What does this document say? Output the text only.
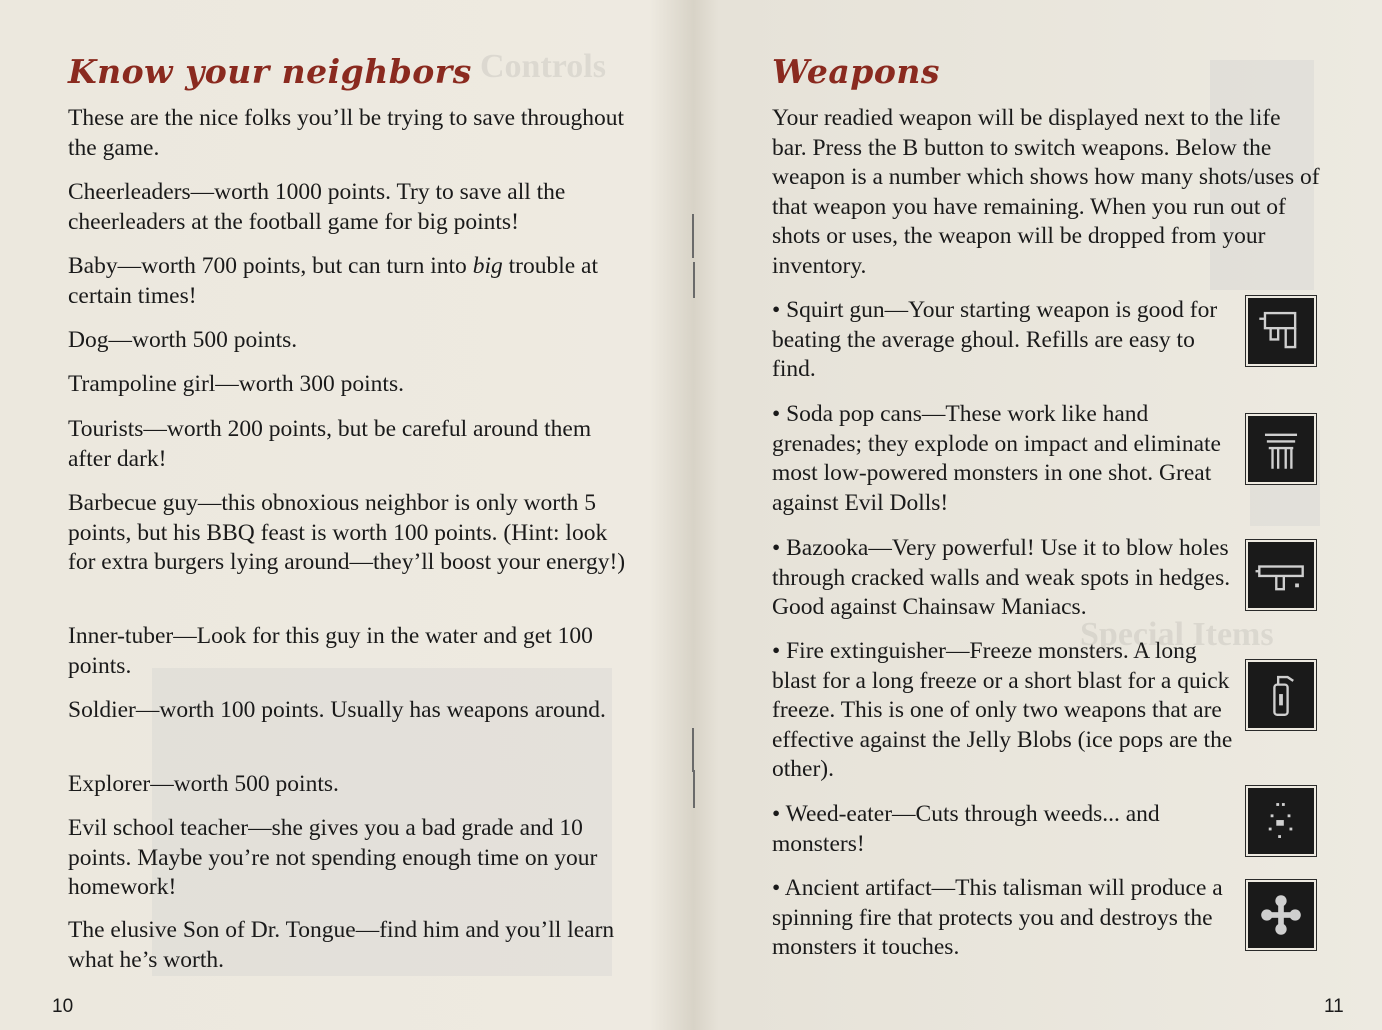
Controls

Special Items

Know your neighbors

These are the nice folks you’ll be trying to save throughout the game.

Cheerleaders—worth 1000 points. Try to save all the cheerleaders at the football game for big points!

Baby—worth 700 points, but can turn into big trouble at certain times!

Dog—worth 500 points.

Trampoline girl—worth 300 points.

Tourists—worth 200 points, but be careful around them after dark!

Barbecue guy—this obnoxious neighbor is only worth 5 points, but his BBQ feast is worth 100 points. (Hint: look for extra burgers lying around—they’ll boost your energy!)

Inner-tuber—Look for this guy in the water and get 100 points.

Soldier—worth 100 points. Usually has weapons around.

Explorer—worth 500 points.

Evil school teacher—she gives you a bad grade and 10 points. Maybe you’re not spending enough time on your homework!

The elusive Son of Dr. Tongue—find him and you’ll learn what he’s worth.

10

Weapons

Your readied weapon will be displayed next to the life bar. Press the B button to switch weapons. Below the weapon is a number which shows how many shots/uses of that weapon you have remaining. When you run out of shots or uses, the weapon will be dropped from your inventory.

• Squirt gun—Your starting weapon is good for beating the average ghoul. Refills are easy to find.

• Soda pop cans—These work like hand grenades; they explode on impact and eliminate most low-powered monsters in one shot. Great against Evil Dolls!

• Bazooka—Very powerful! Use it to blow holes through cracked walls and weak spots in hedges. Good against Chainsaw Maniacs.

• Fire extinguisher—Freeze monsters. A long blast for a long freeze or a short blast for a quick freeze. This is one of only two weapons that are effective against the Jelly Blobs (ice pops are the other).

• Weed-eater—Cuts through weeds... and monsters!

• Ancient artifact—This talisman will produce a spinning fire that protects you and destroys the monsters it touches.

11
